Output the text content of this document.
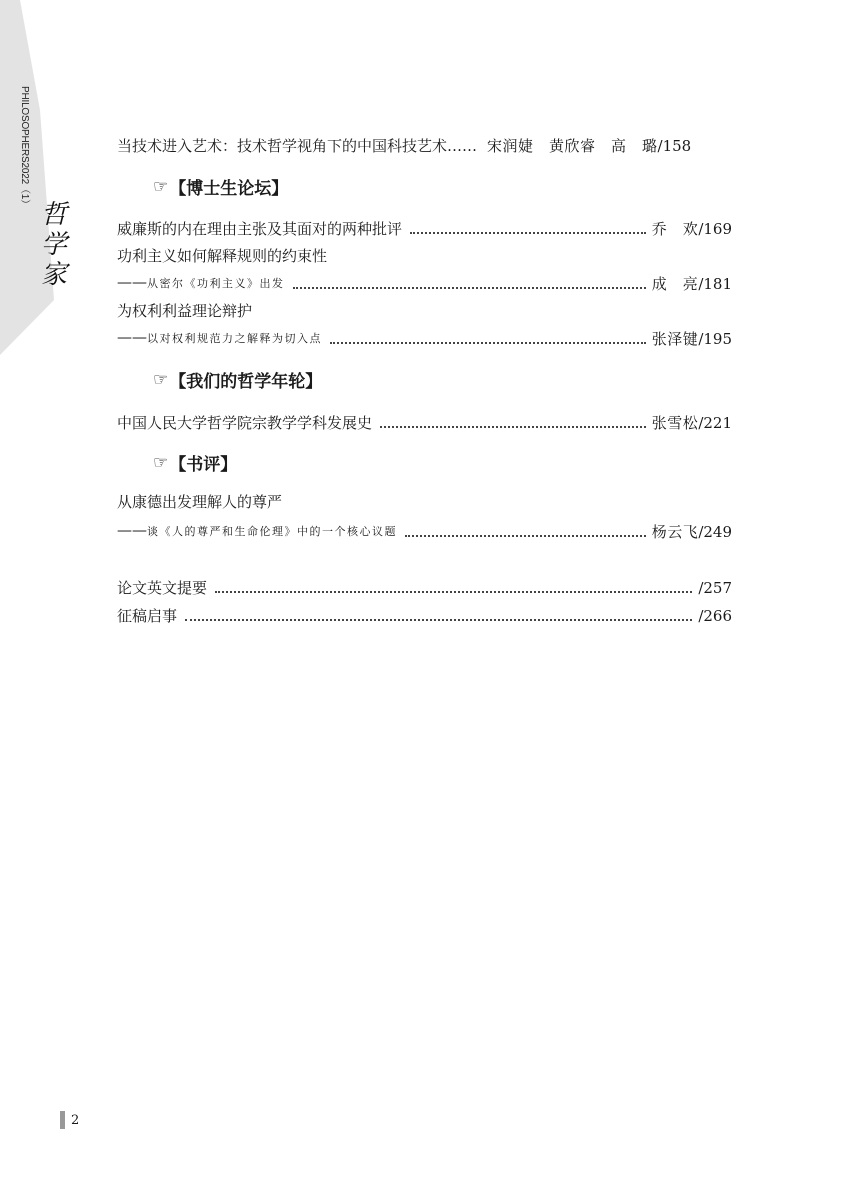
PHILOSOPHERS2022（1）
哲
学
家
当技术进入艺术：技术哲学视角下的中国科技艺术…… 宋润婕　黄欣睿　高　璐 /158
☞ 【博士生论坛】
威廉斯的内在理由主张及其面对的两种批评	乔　欢 /169
功利主义如何解释规则的约束性
——从密尔《功利主义》出发	成　亮 /181
为权利利益理论辩护
——以对权利规范力之解释为切入点	张泽键 /195
☞ 【我们的哲学年轮】
中国人民大学哲学院宗教学学科发展史	张雪松 /221
☞ 【书评】
从康德出发理解人的尊严
——谈《人的尊严和生命伦理》中的一个核心议题	杨云飞 /249
论文英文提要	/257
征稿启事	/266
2
